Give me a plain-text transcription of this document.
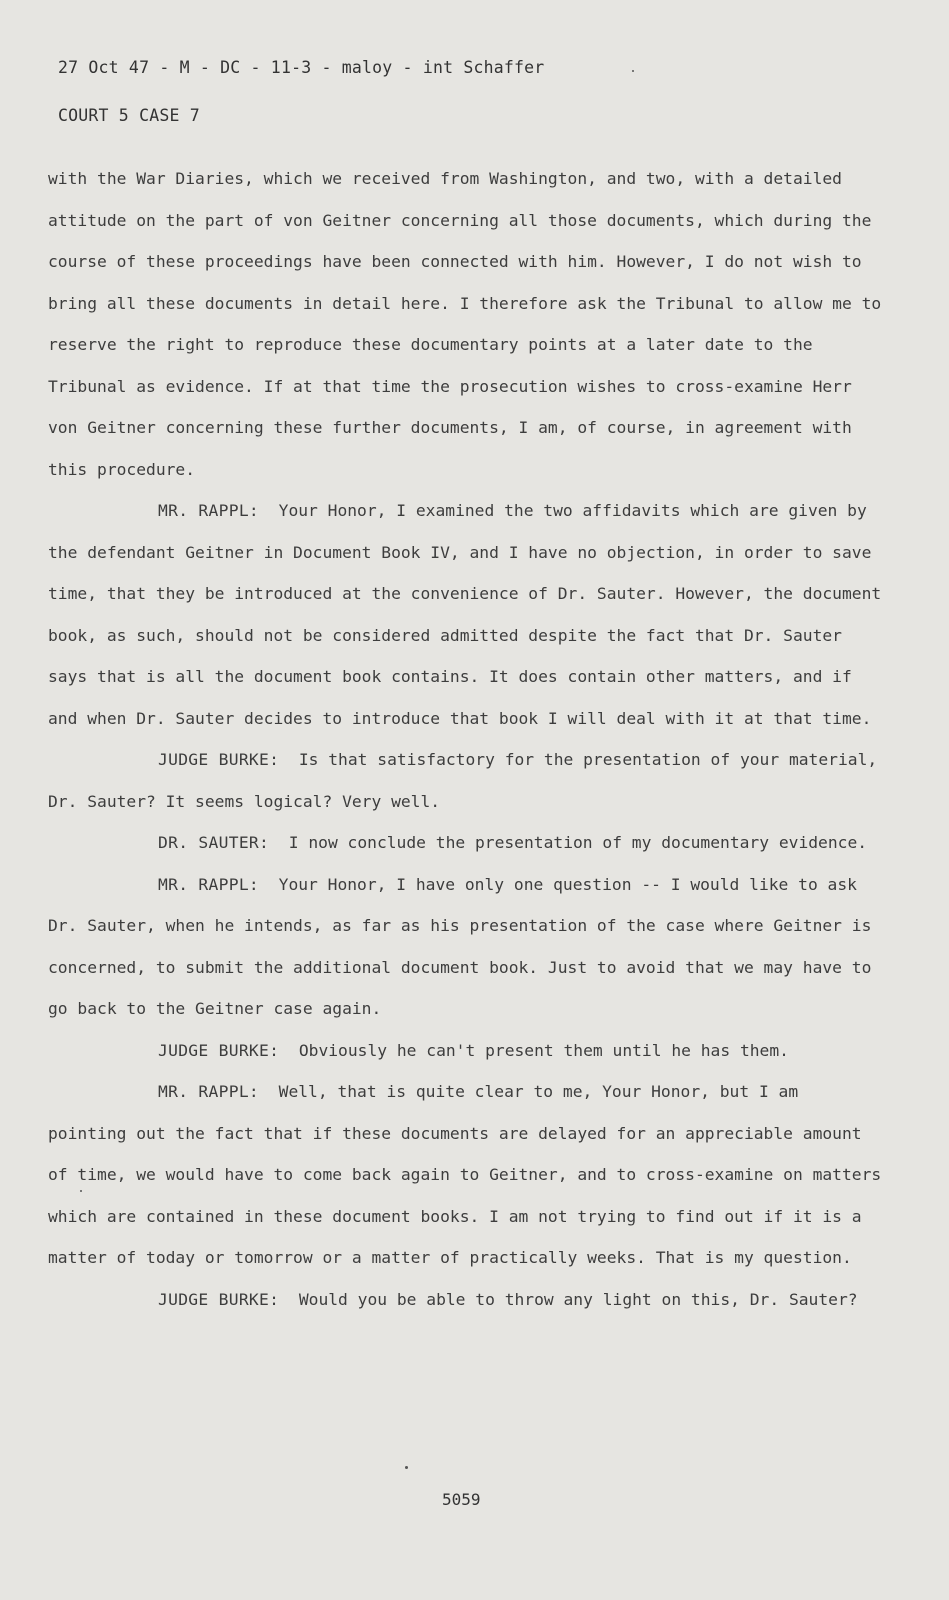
27 Oct 47 - M - DC - 11-3 - maloy - int Schaffer
COURT 5 CASE 7

with the War Diaries, which we received from Washington, and two, with a detailed attitude on the part of von Geitner concerning all those documents, which during the course of these proceedings have been connected with him. However, I do not wish to bring all these documents in detail here. I therefore ask the Tribunal to allow me to reserve the right to reproduce these documentary points at a later date to the Tribunal as evidence. If at that time the prosecution wishes to cross-examine Herr von Geitner concerning these further documents, I am, of course, in agreement with this procedure.

MR. RAPPL: Your Honor, I examined the two affidavits which are given by the defendant Geitner in Document Book IV, and I have no objection, in order to save time, that they be introduced at the convenience of Dr. Sauter. However, the document book, as such, should not be considered admitted despite the fact that Dr. Sauter says that is all the document book contains. It does contain other matters, and if and when Dr. Sauter decides to introduce that book I will deal with it at that time.

JUDGE BURKE: Is that satisfactory for the presentation of your material, Dr. Sauter? It seems logical? Very well.

DR. SAUTER: I now conclude the presentation of my documentary evidence.

MR. RAPPL: Your Honor, I have only one question -- I would like to ask Dr. Sauter, when he intends, as far as his presentation of the case where Geitner is concerned, to submit the additional document book. Just to avoid that we may have to go back to the Geitner case again.

JUDGE BURKE: Obviously he can't present them until he has them.

MR. RAPPL: Well, that is quite clear to me, Your Honor, but I am pointing out the fact that if these documents are delayed for an appreciable amount of time, we would have to come back again to Geitner, and to cross-examine on matters which are contained in these document books. I am not trying to find out if it is a matter of today or tomorrow or a matter of practically weeks. That is my question.

JUDGE BURKE: Would you be able to throw any light on this, Dr. Sauter?

5059
